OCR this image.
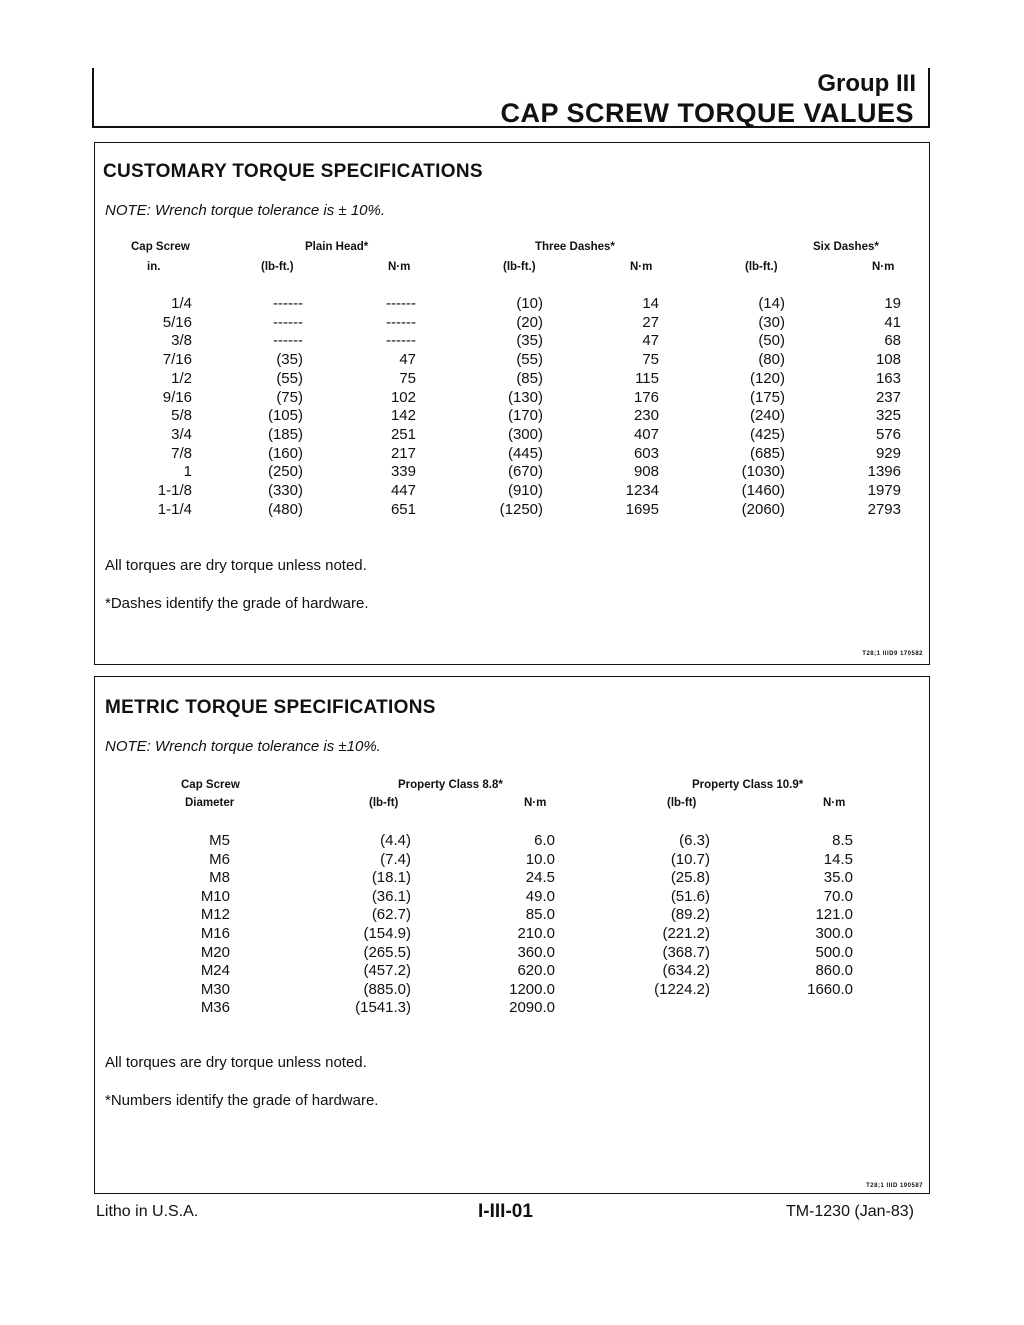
Group III
CAP SCREW TORQUE VALUES
CUSTOMARY TORQUE SPECIFICATIONS
NOTE: Wrench torque tolerance is ± 10%.
Cap Screw
in.
Plain Head*
(lb-ft.)	N·m
Three Dashes*
(lb-ft.)	N·m
Six Dashes*
(lb-ft.)	N·m
1/4	------	------	(10)	14	(14)	19
5/16	------	------	(20)	27	(30)	41
3/8	------	------	(35)	47	(50)	68
7/16	(35)	47	(55)	75	(80)	108
1/2	(55)	75	(85)	115	(120)	163
9/16	(75)	102	(130)	176	(175)	237
5/8	(105)	142	(170)	230	(240)	325
3/4	(185)	251	(300)	407	(425)	576
7/8	(160)	217	(445)	603	(685)	929
1	(250)	339	(670)	908	(1030)	1396
1-1/8	(330)	447	(910)	1234	(1460)	1979
1-1/4	(480)	651	(1250)	1695	(2060)	2793
All torques are dry torque unless noted.
*Dashes identify the grade of hardware.
T28;1 IIID9 170582
METRIC TORQUE SPECIFICATIONS
NOTE: Wrench torque tolerance is ±10%.
Cap Screw
Diameter
Property Class 8.8*
(lb-ft)	N·m
Property Class 10.9*
(lb-ft)	N·m
M5	(4.4)	6.0	(6.3)	8.5
M6	(7.4)	10.0	(10.7)	14.5
M8	(18.1)	24.5	(25.8)	35.0
M10	(36.1)	49.0	(51.6)	70.0
M12	(62.7)	85.0	(89.2)	121.0
M16	(154.9)	210.0	(221.2)	300.0
M20	(265.5)	360.0	(368.7)	500.0
M24	(457.2)	620.0	(634.2)	860.0
M30	(885.0)	1200.0	(1224.2)	1660.0
M36	(1541.3)	2090.0
All torques are dry torque unless noted.
*Numbers identify the grade of hardware.
T28;1 IIID 190587
Litho in U.S.A.	I-III-01	TM-1230 (Jan-83)
